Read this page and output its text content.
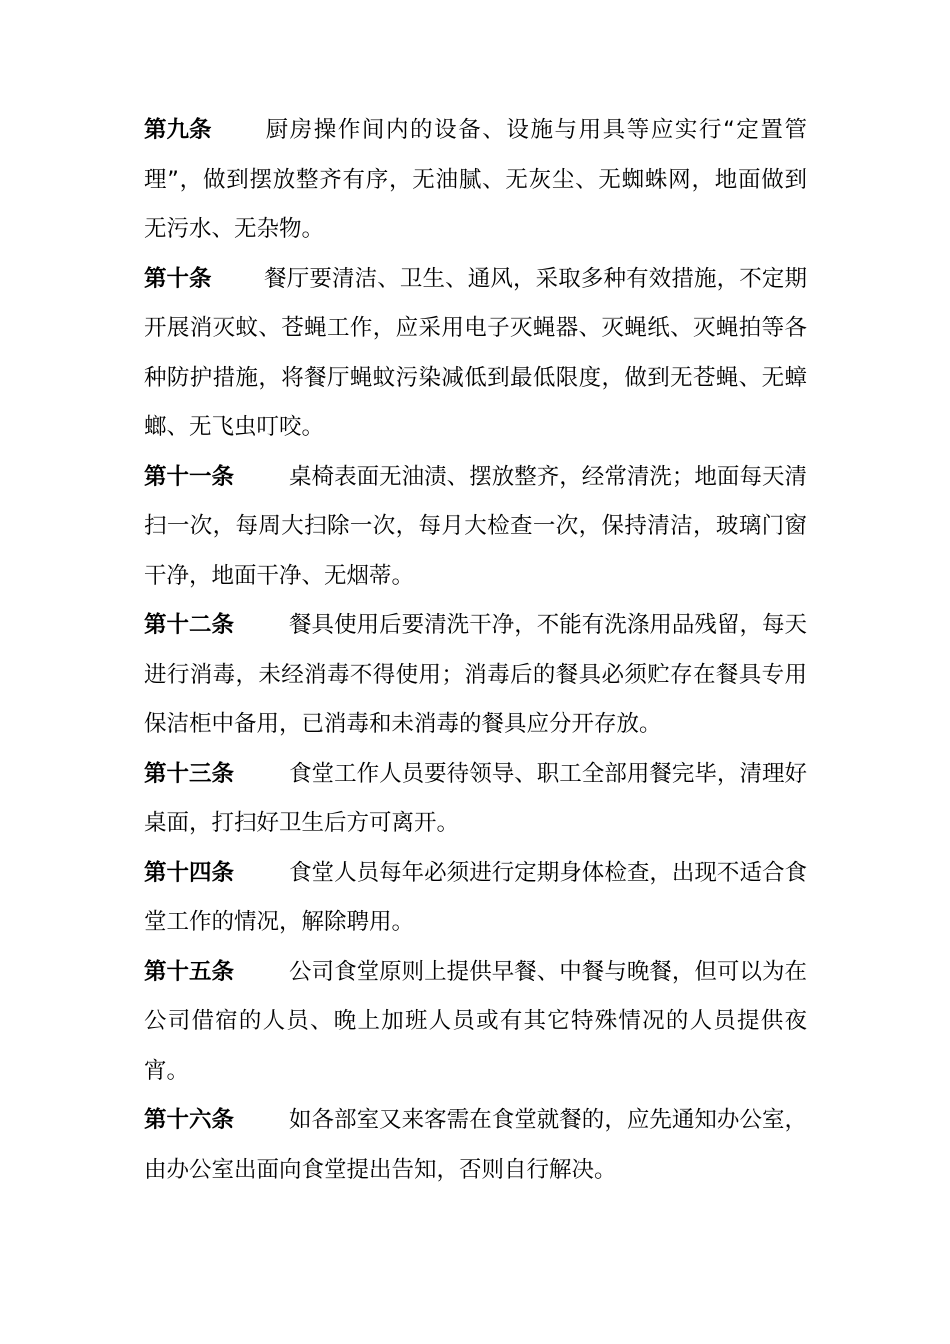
第九条 厨房操作间内的设备、设施与用具等应实行“定置管理”，做到摆放整齐有序，无油腻、无灰尘、无蜘蛛网，地面做到无污水、无杂物。

第十条 餐厅要清洁、卫生、通风，采取多种有效措施，不定期开展消灭蚊、苍蝇工作，应采用电子灭蝇器、灭蝇纸、灭蝇拍等各种防护措施，将餐厅蝇蚊污染减低到最低限度，做到无苍蝇、无蟑螂、无飞虫叮咬。

第十一条 桌椅表面无油渍、摆放整齐，经常清洗；地面每天清扫一次，每周大扫除一次，每月大检查一次，保持清洁，玻璃门窗干净，地面干净、无烟蒂。

第十二条 餐具使用后要清洗干净，不能有洗涤用品残留，每天进行消毒，未经消毒不得使用；消毒后的餐具必须贮存在餐具专用保洁柜中备用，已消毒和未消毒的餐具应分开存放。

第十三条 食堂工作人员要待领导、职工全部用餐完毕，清理好桌面，打扫好卫生后方可离开。

第十四条 食堂人员每年必须进行定期身体检查，出现不适合食堂工作的情况，解除聘用。

第十五条 公司食堂原则上提供早餐、中餐与晚餐，但可以为在公司借宿的人员、晚上加班人员或有其它特殊情况的人员提供夜宵。

第十六条 如各部室又来客需在食堂就餐的，应先通知办公室，由办公室出面向食堂提出告知，否则自行解决。
